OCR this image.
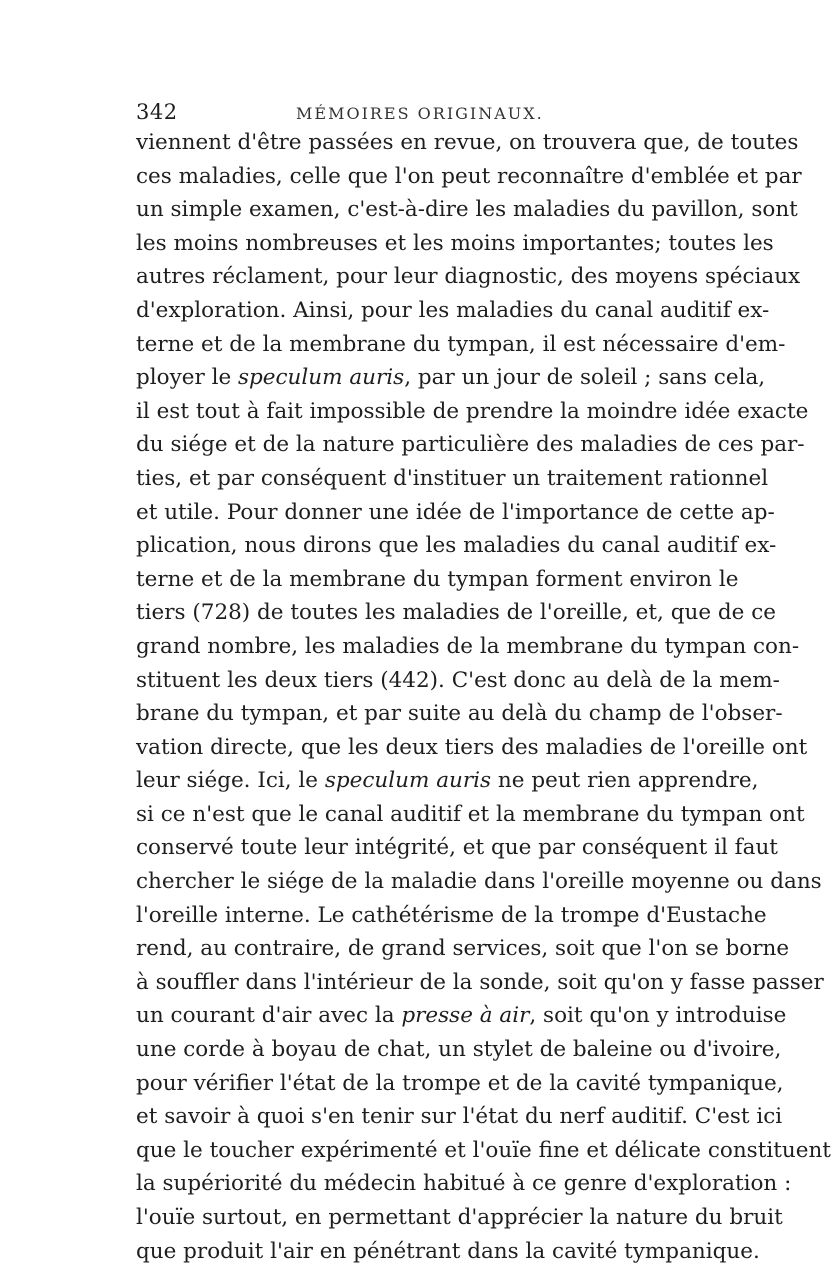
342	MÉMOIRES ORIGINAUX.
viennent d'être passées en revue, on trouvera que, de toutes
ces maladies, celle que l'on peut reconnaître d'emblée et par
un simple examen, c'est-à-dire les maladies du pavillon, sont
les moins nombreuses et les moins importantes; toutes les
autres réclament, pour leur diagnostic, des moyens spéciaux
d'exploration. Ainsi, pour les maladies du canal auditif ex-
terne et de la membrane du tympan, il est nécessaire d'em-
ployer le speculum auris, par un jour de soleil ; sans cela,
il est tout à fait impossible de prendre la moindre idée exacte
du siége et de la nature particulière des maladies de ces par-
ties, et par conséquent d'instituer un traitement rationnel
et utile. Pour donner une idée de l'importance de cette ap-
plication, nous dirons que les maladies du canal auditif ex-
terne et de la membrane du tympan forment environ le
tiers (728) de toutes les maladies de l'oreille, et, que de ce
grand nombre, les maladies de la membrane du tympan con-
stituent les deux tiers (442). C'est donc au delà de la mem-
brane du tympan, et par suite au delà du champ de l'obser-
vation directe, que les deux tiers des maladies de l'oreille ont
leur siége. Ici, le speculum auris ne peut rien apprendre,
si ce n'est que le canal auditif et la membrane du tympan ont
conservé toute leur intégrité, et que par conséquent il faut
chercher le siége de la maladie dans l'oreille moyenne ou dans
l'oreille interne. Le cathétérisme de la trompe d'Eustache
rend, au contraire, de grand services, soit que l'on se borne
à souffler dans l'intérieur de la sonde, soit qu'on y fasse passer
un courant d'air avec la presse à air, soit qu'on y introduise
une corde à boyau de chat, un stylet de baleine ou d'ivoire,
pour vérifier l'état de la trompe et de la cavité tympanique,
et savoir à quoi s'en tenir sur l'état du nerf auditif. C'est ici
que le toucher expérimenté et l'ouïe fine et délicate constituent
la supériorité du médecin habitué à ce genre d'exploration :
l'ouïe surtout, en permettant d'apprécier la nature du bruit
que produit l'air en pénétrant dans la cavité tympanique.
